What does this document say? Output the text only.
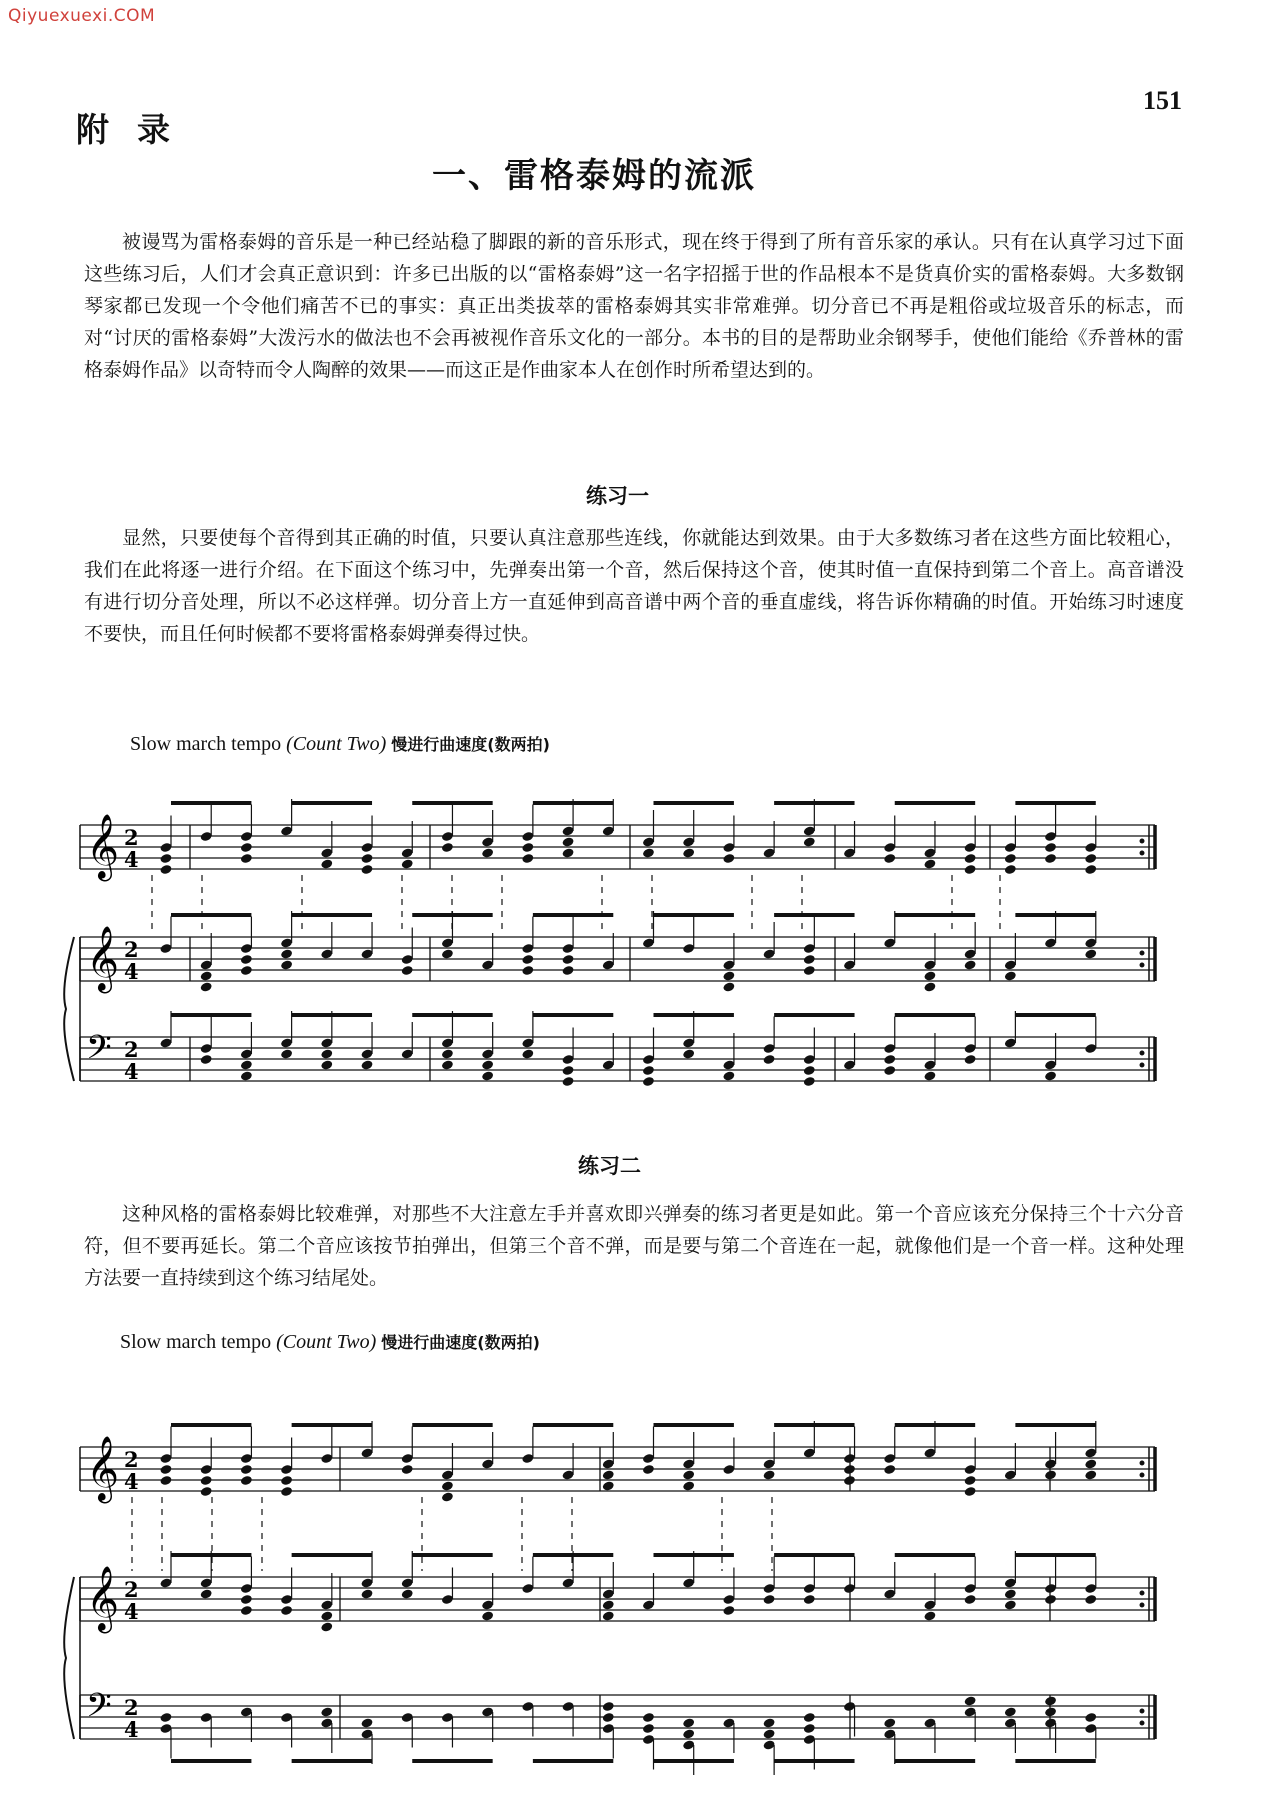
Qiyuexuexi.COM
151
附录
一、雷格泰姆的流派

被谩骂为雷格泰姆的音乐是一种已经站稳了脚跟的新的音乐形式，现在终于得到了所有音乐家的承认。只有在认真学习过下面这些练习后，人们才会真正意识到：许多已出版的以“雷格泰姆”这一名字招摇于世的作品根本不是货真价实的雷格泰姆。大多数钢琴家都已发现一个令他们痛苦不已的事实：真正出类拔萃的雷格泰姆其实非常难弹。切分音已不再是粗俗或垃圾音乐的标志，而对“讨厌的雷格泰姆”大泼污水的做法也不会再被视作音乐文化的一部分。本书的目的是帮助业余钢琴手，使他们能给《乔普林的雷格泰姆作品》以奇特而令人陶醉的效果——而这正是作曲家本人在创作时所希望达到的。

练习一

显然，只要使每个音得到其正确的时值，只要认真注意那些连线，你就能达到效果。由于大多数练习者在这些方面比较粗心，我们在此将逐一进行介绍。在下面这个练习中，先弹奏出第一个音，然后保持这个音，使其时值一直保持到第二个音上。高音谱没有进行切分音处理，所以不必这样弹。切分音上方一直延伸到高音谱中两个音的垂直虚线，将告诉你精确的时值。开始练习时速度不要快，而且任何时候都不要将雷格泰姆弹奏得过快。

Slow march tempo (Count Two) 慢进行曲速度(数两拍)
𝄞 2
4
𝄞 2
4
𝄢 2
4
练习二

这种风格的雷格泰姆比较难弹，对那些不大注意左手并喜欢即兴弹奏的练习者更是如此。第一个音应该充分保持三个十六分音符，但不要再延长。第二个音应该按节拍弹出，但第三个音不弹，而是要与第二个音连在一起，就像他们是一个音一样。这种处理方法要一直持续到这个练习结尾处。

Slow march tempo (Count Two) 慢进行曲速度(数两拍)
𝄞 2
4
𝄞 2
4
𝄢 2
4
